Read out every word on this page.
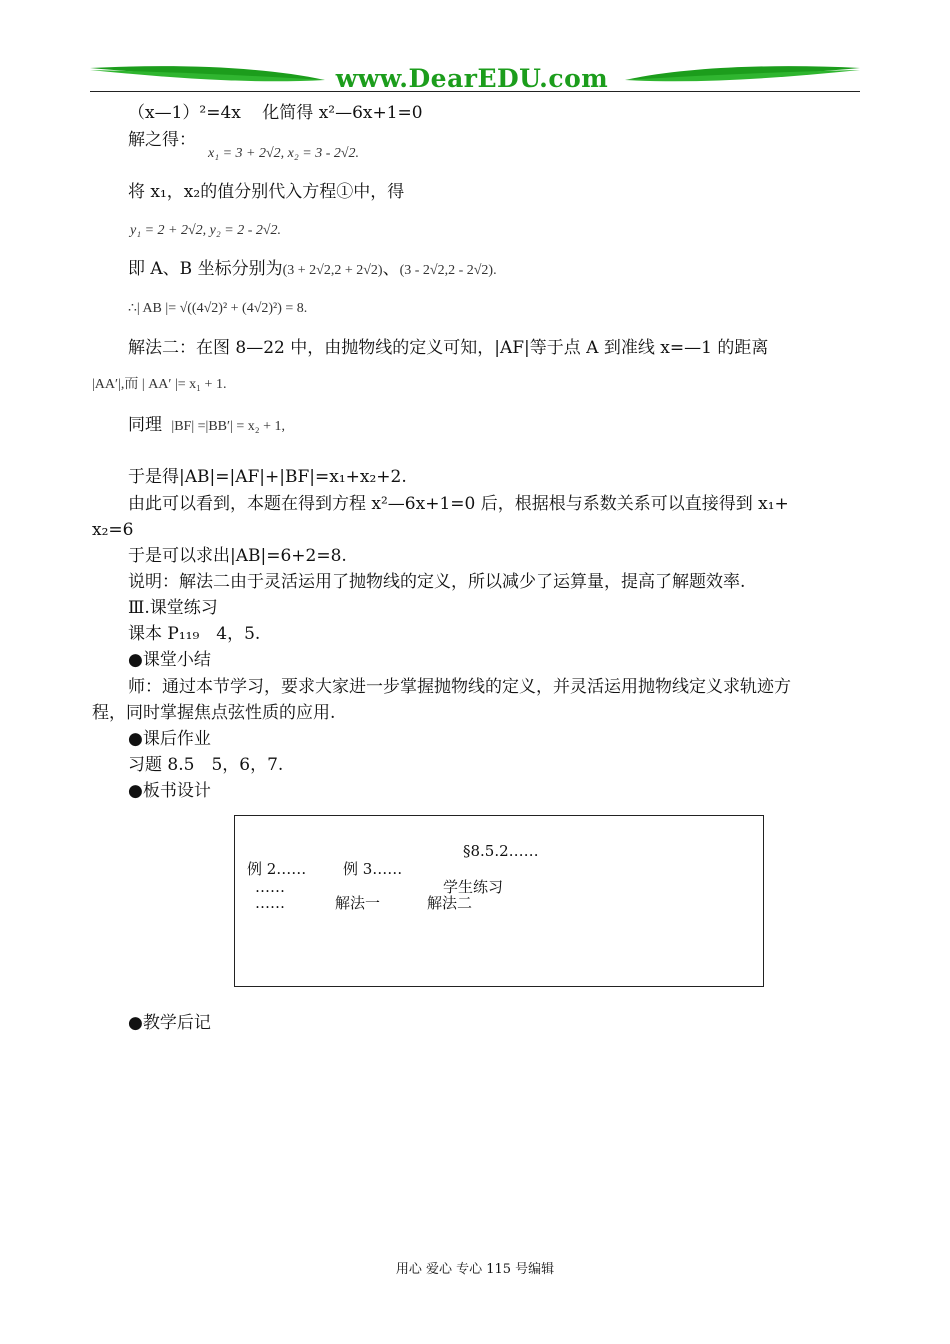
www.DearEDU.com
（x—1）²=4x 化简得 x²—6x+1=0
解之得：
x₁ = 3 + 2√2, x₂ = 3 - 2√2.
将 x₁，x₂的值分别代入方程①中，得
y₁ = 2 + 2√2, y₂ = 2 - 2√2.
即 A、B 坐标分别为(3 + 2√2,2 + 2√2)、(3 - 2√2,2 - 2√2).
∴| AB |= √((4√2)² + (4√2)²) = 8.
解法二：在图 8—22 中，由抛物线的定义可知，|AF|等于点 A 到准线 x=—1 的距离
|AA′|,而 | AA′ |= x₁ + 1.
同理 |BF| =|BB′| = x₂ + 1,
于是得|AB|=|AF|+|BF|=x₁+x₂+2.
由此可以看到，本题在得到方程 x²—6x+1=0 后，根据根与系数关系可以直接得到 x₁+
x₂=6
于是可以求出|AB|=6+2=8.
说明：解法二由于灵活运用了抛物线的定义，所以减少了运算量，提高了解题效率.
Ⅲ.课堂练习
课本 P₁₁₉　4，5.
●课堂小结
师：通过本节学习，要求大家进一步掌握抛物线的定义，并灵活运用抛物线定义求轨迹方
程，同时掌握焦点弦性质的应用.
●课后作业
习题 8.5　5，6，7.
●板书设计
§8.5.2……
例 2…… 例 3……
……	学生练习
……	解法一	解法二
●教学后记
用心 爱心 专心 115 号编辑
